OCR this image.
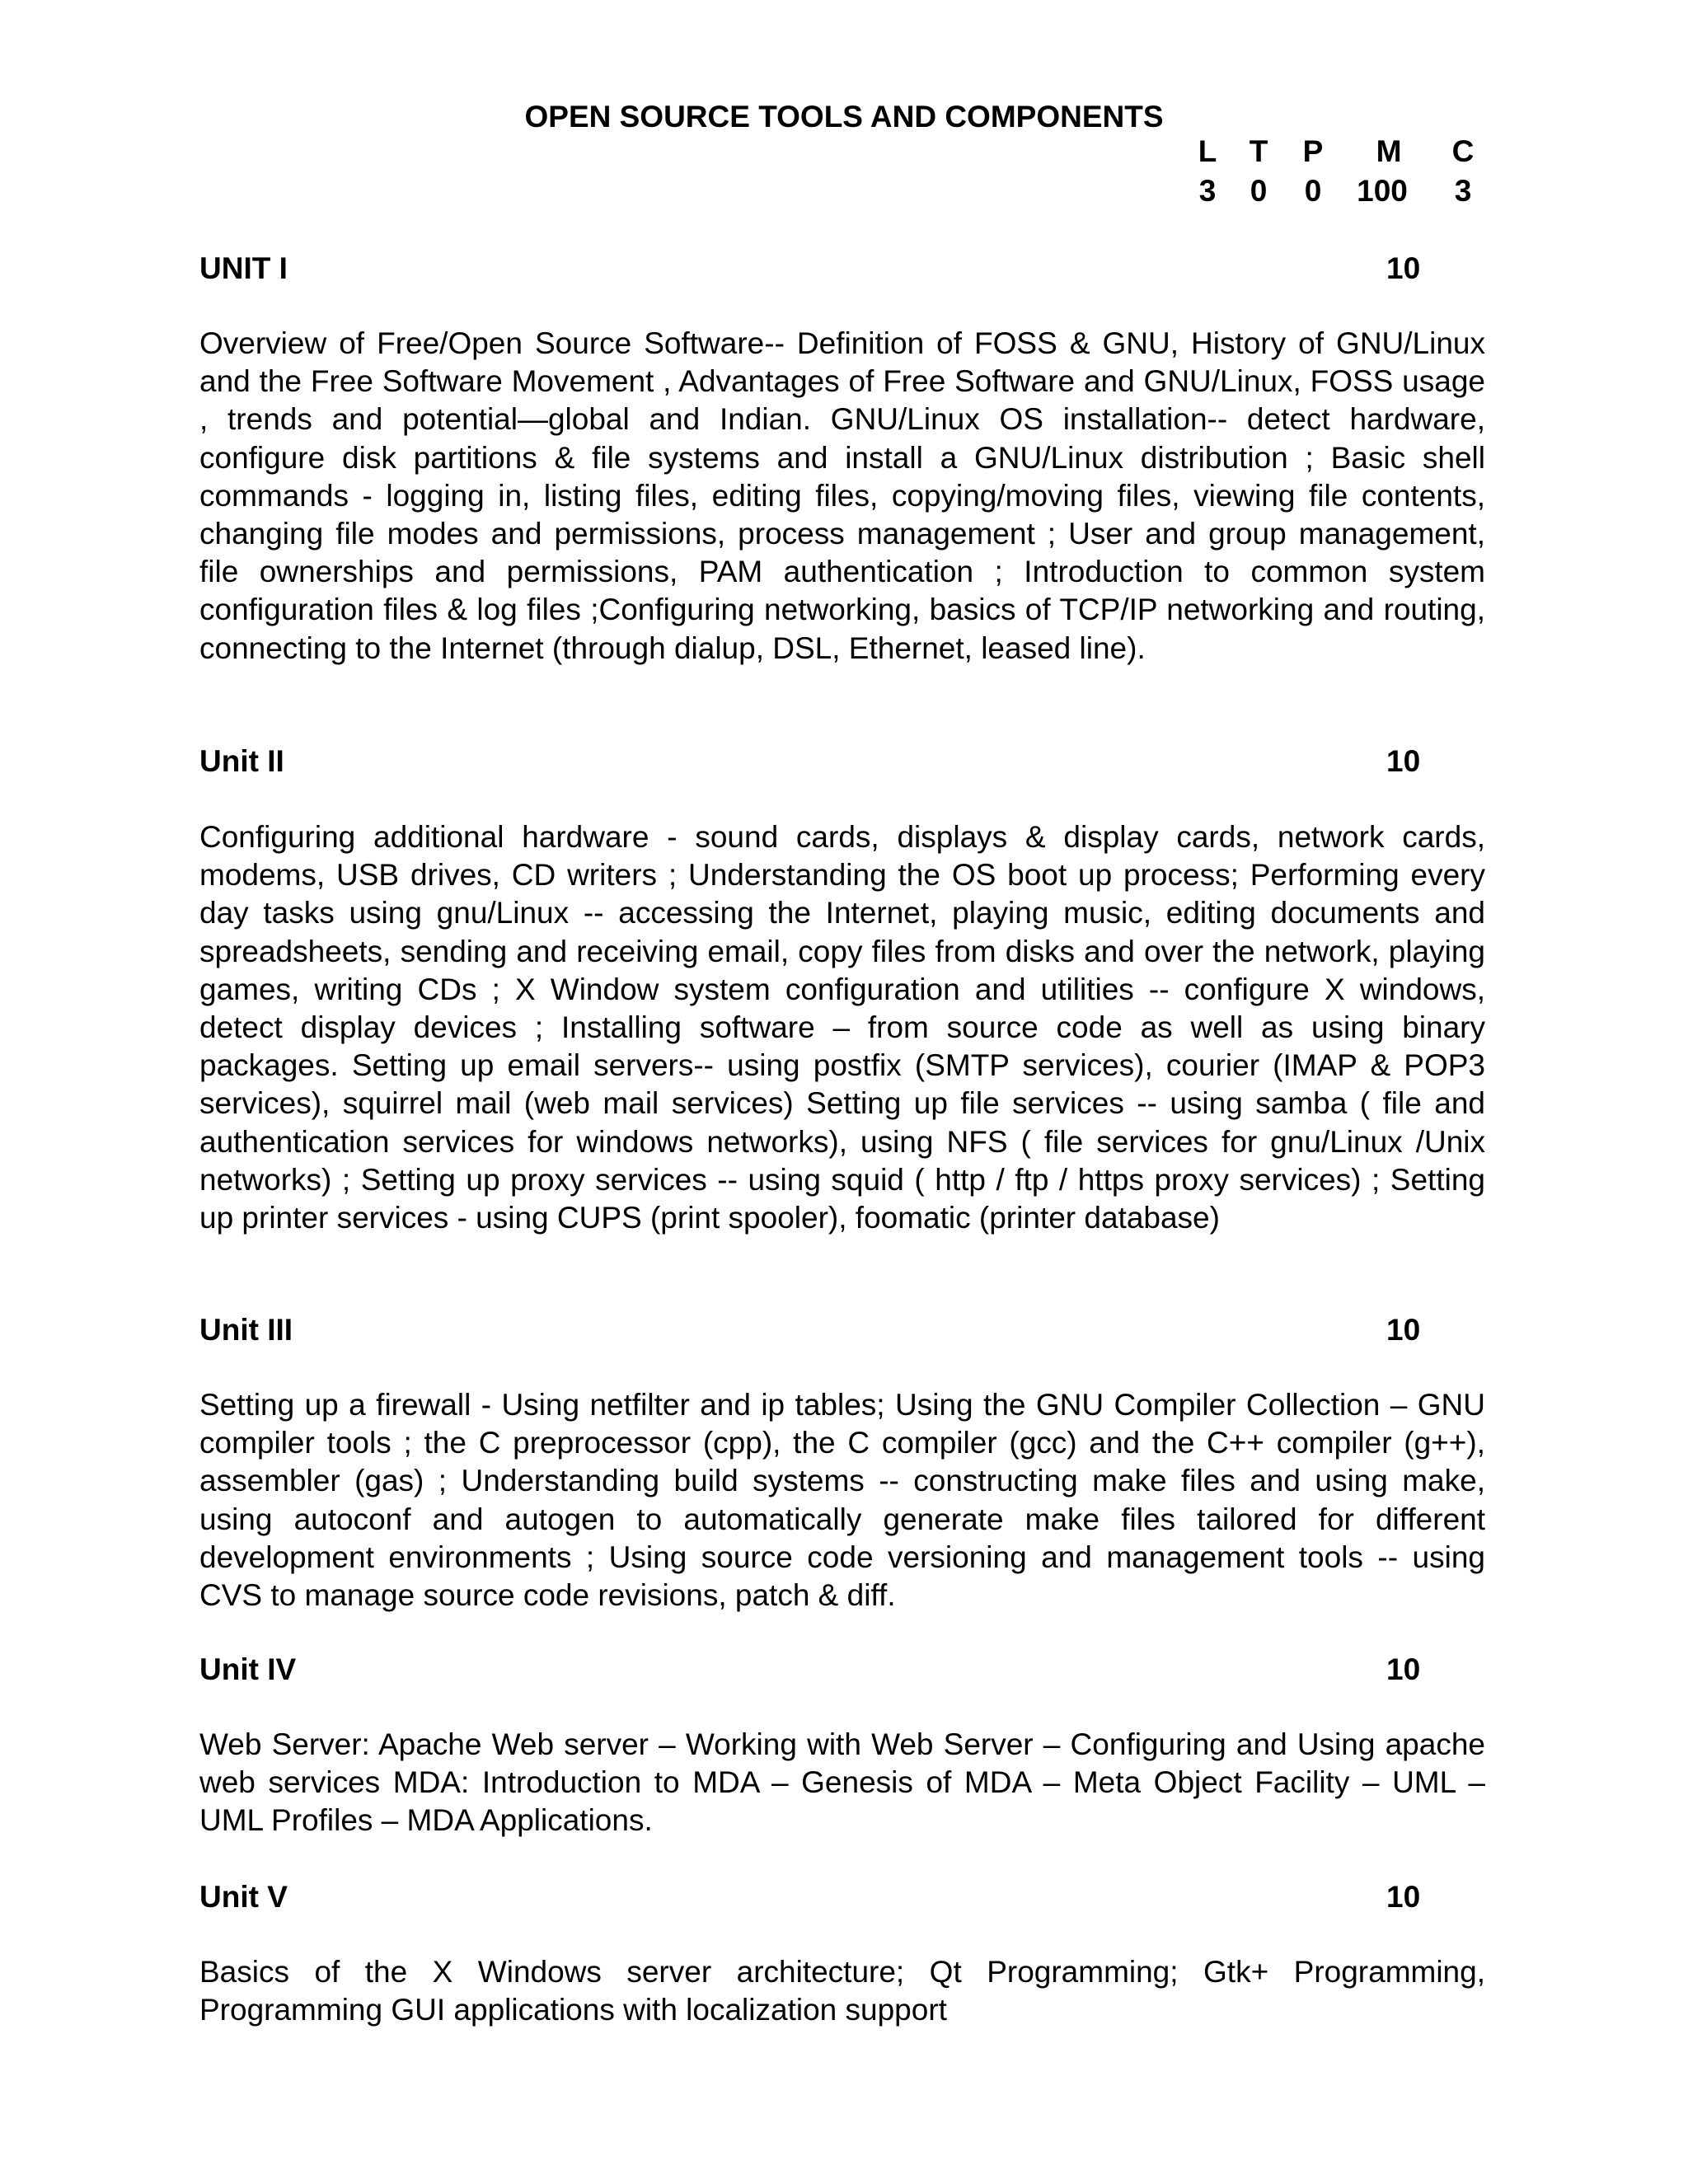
OPEN SOURCE TOOLS AND COMPONENTS
L	T	P	M	C
3	0	0	100	3
UNIT I	10

Overview of Free/Open Source Software-- Definition of FOSS & GNU, History of GNU/Linux and the Free Software Movement , Advantages of Free Software and GNU/Linux, FOSS usage , trends and potential—global and Indian. GNU/Linux OS installation-- detect hardware, configure disk partitions & file systems and install a GNU/Linux distribution ; Basic shell commands - logging in, listing files, editing files, copying/moving files, viewing file contents, changing file modes and permissions, process management ; User and group management, file ownerships and permissions, PAM authentication ; Introduction to common system configuration files & log files ;Configuring networking, basics of TCP/IP networking and routing, connecting to the Internet (through dialup, DSL, Ethernet, leased line).

Unit II	10

Configuring additional hardware - sound cards, displays & display cards, network cards, modems, USB drives, CD writers ; Understanding the OS boot up process; Performing every day tasks using gnu/Linux -- accessing the Internet, playing music, editing documents and spreadsheets, sending and receiving email, copy files from disks and over the network, playing games, writing CDs ; X Window system configuration and utilities -- configure X windows, detect display devices ; Installing software – from source code as well as using binary packages. Setting up email servers-- using postfix (SMTP services), courier (IMAP & POP3 services), squirrel mail (web mail services) Setting up file services -- using samba ( file and authentication services for windows networks), using NFS ( file services for gnu/Linux /Unix networks) ; Setting up proxy services -- using squid ( http / ftp / https proxy services) ; Setting up printer services - using CUPS (print spooler), foomatic (printer database)

Unit III	10

Setting up a firewall - Using netfilter and ip tables; Using the GNU Compiler Collection – GNU compiler tools ; the C preprocessor (cpp), the C compiler (gcc) and the C++ compiler (g++), assembler (gas) ; Understanding build systems -- constructing make files and using make, using autoconf and autogen to automatically generate make files tailored for different development environments ; Using source code versioning and management tools -- using CVS to manage source code revisions, patch & diff.

Unit IV	10

Web Server: Apache Web server – Working with Web Server – Configuring and Using apache web services MDA: Introduction to MDA – Genesis of MDA – Meta Object Facility – UML – UML Profiles – MDA Applications.

Unit V	10

Basics of the X Windows server architecture; Qt Programming; Gtk+ Programming, Programming GUI applications with localization support
